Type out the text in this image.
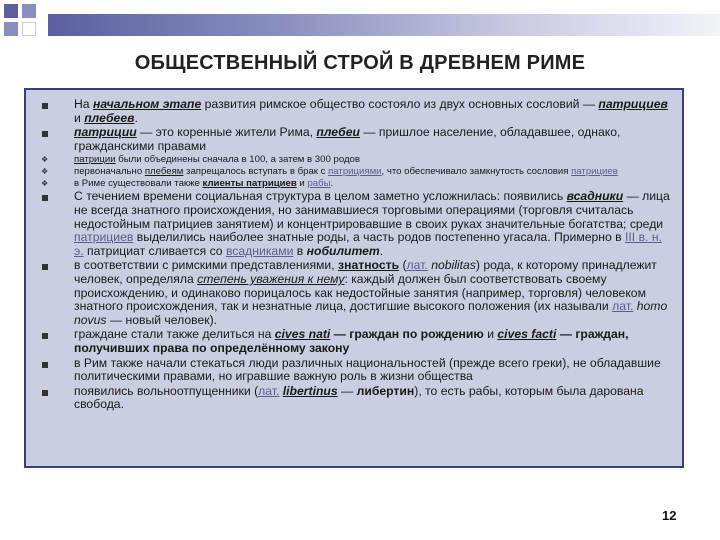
ОБЩЕСТВЕННЫЙ СТРОЙ В ДРЕВНЕМ РИМЕ
На начальном этапе развития римское общество состояло из двух основных сословий — патрициев и плебеев.
патриции — это коренные жители Рима, плебеи — пришлое население, обладавшее, однако, гражданскими правами
❖	патриции были объединены сначала в 100, а затем в 300 родов
❖	первоначально плебеям запрещалось вступать в брак с патрициями, что обеспечивало замкнутость сословия патрициев
❖	в Риме существовали также клиенты патрициев и рабы.
С течением времени социальная структура в целом заметно усложнилась: появились всадники — лица не всегда знатного происхождения, но занимавшиеся торговыми операциями (торговля считалась недостойным патрициев занятием) и концентрировавшие в своих руках значительные богатства; среди патрициев выделились наиболее знатные роды, а часть родов постепенно угасала. Примерно в III в. н. э. патрициат сливается со всадниками в нобилитет.
в соответствии с римскими представлениями, знатность (лат. nobilitas) рода, к которому принадлежит человек, определяла степень уважения к нему: каждый должен был соответствовать своему происхождению, и одинаково порицалось как недостойные занятия (например, торговля) человеком знатного происхождения, так и незнатные лица, достигшие высокого положения (их называли лат. homo novus — новый человек).
граждане стали также делиться на cives nati — граждан по рождению и cives facti — граждан, получивших права по определённому закону
в Рим также начали стекаться люди различных национальностей (прежде всего греки), не обладавшие политическими правами, но игравшие важную роль в жизни общества
появились вольноотпущенники (лат. libertinus — либертин), то есть рабы, которым была дарована свобода.
12
